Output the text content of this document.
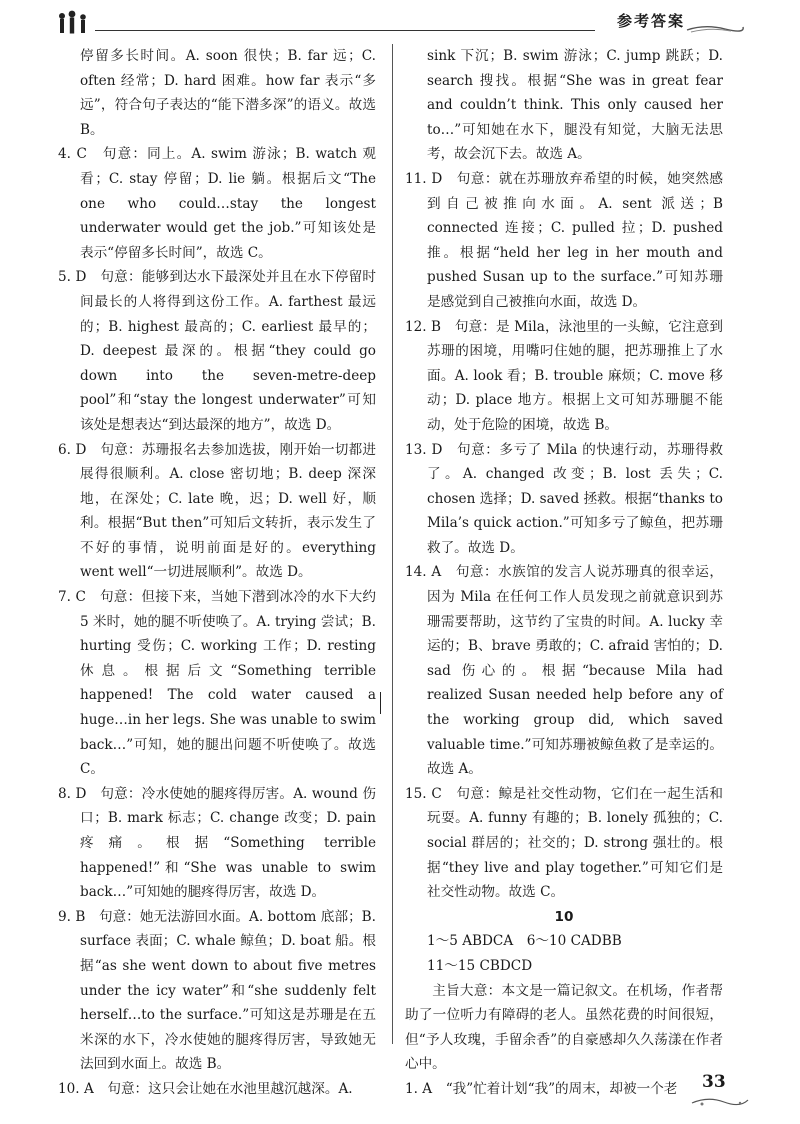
参考答案

停留多长时间。A. soon 很快；B. far 远；C. often 经常；D. hard 困难。how far 表示“多远”，符合句子表达的“能下潜多深”的语义。故选 B。

4. C　句意：同上。A. swim 游泳；B. watch 观看；C. stay 停留；D. lie 躺。根据后文“The one who could…stay the longest underwater would get the job.”可知该处是表示“停留多长时间”，故选 C。

5. D　句意：能够到达水下最深处并且在水下停留时间最长的人将得到这份工作。A. farthest 最远的；B. highest 最高的；C. earliest 最早的；D. deepest 最深的。根据“they could go down into the seven-metre-deep pool”和“stay the longest underwater”可知该处是想表达“到达最深的地方”，故选 D。

6. D　句意：苏珊报名去参加选拔，刚开始一切都进展得很顺利。A. close 密切地；B. deep 深深地，在深处；C. late 晚，迟；D. well 好，顺利。根据“But then”可知后文转折，表示发生了不好的事情，说明前面是好的。everything went well“一切进展顺利”。故选 D。

7. C　句意：但接下来，当她下潜到冰冷的水下大约 5 米时，她的腿不听使唤了。A. trying 尝试；B. hurting 受伤；C. working 工作；D. resting 休息。根据后文“Something terrible happened! The cold water caused a huge…in her legs. She was unable to swim back…”可知，她的腿出问题不听使唤了。故选 C。

8. D　句意：冷水使她的腿疼得厉害。A. wound 伤口；B. mark 标志；C. change 改变；D. pain 疼痛。根据“Something terrible happened!”和“She was unable to swim back…”可知她的腿疼得厉害，故选 D。

9. B　句意：她无法游回水面。A. bottom 底部；B. surface 表面；C. whale 鲸鱼；D. boat 船。根据“as she went down to about five metres under the icy water”和“she suddenly felt herself…to the surface.”可知这是苏珊是在五米深的水下，冷水使她的腿疼得厉害，导致她无法回到水面上。故选 B。

10. A　句意：这只会让她在水池里越沉越深。A.

sink 下沉；B. swim 游泳；C. jump 跳跃；D. search 搜找。根据“She was in great fear and couldn’t think. This only caused her to…”可知她在水下，腿没有知觉，大脑无法思考，故会沉下去。故选 A。

11. D　句意：就在苏珊放弃希望的时候，她突然感到自己被推向水面。A. sent 派送；B connected 连接；C. pulled 拉；D. pushed 推。根据“held her leg in her mouth and pushed Susan up to the surface.”可知苏珊是感觉到自己被推向水面，故选 D。

12. B　句意：是 Mila，泳池里的一头鲸，它注意到苏珊的困境，用嘴叼住她的腿，把苏珊推上了水面。A. look 看；B. trouble 麻烦；C. move 移动；D. place 地方。根据上文可知苏珊腿不能动，处于危险的困境，故选 B。

13. D　句意：多亏了 Mila 的快速行动，苏珊得救了。A. changed 改变；B. lost 丢失；C. chosen 选择；D. saved 拯救。根据“thanks to Mila’s quick action.”可知多亏了鲸鱼，把苏珊救了。故选 D。

14. A　句意：水族馆的发言人说苏珊真的很幸运，因为 Mila 在任何工作人员发现之前就意识到苏珊需要帮助，这节约了宝贵的时间。A. lucky 幸运的；B、brave 勇敢的；C. afraid 害怕的；D. sad 伤心的。根据“because Mila had realized Susan needed help before any of the working group did, which saved valuable time.”可知苏珊被鲸鱼救了是幸运的。故选 A。

15. C　句意：鲸是社交性动物，它们在一起生活和玩耍。A. funny 有趣的；B. lonely 孤独的；C. social 群居的；社交的；D. strong 强壮的。根据“they live and play together.”可知它们是社交性动物。故选 C。

10

1～5 ABDCA　6～10 CADBB

11～15 CBDCD

主旨大意：本文是一篇记叙文。在机场，作者帮助了一位听力有障碍的老人。虽然花费的时间很短，但“予人玫瑰，手留余香”的自豪感却久久荡漾在作者心中。

1. A　“我”忙着计划“我”的周末，却被一个老	33
